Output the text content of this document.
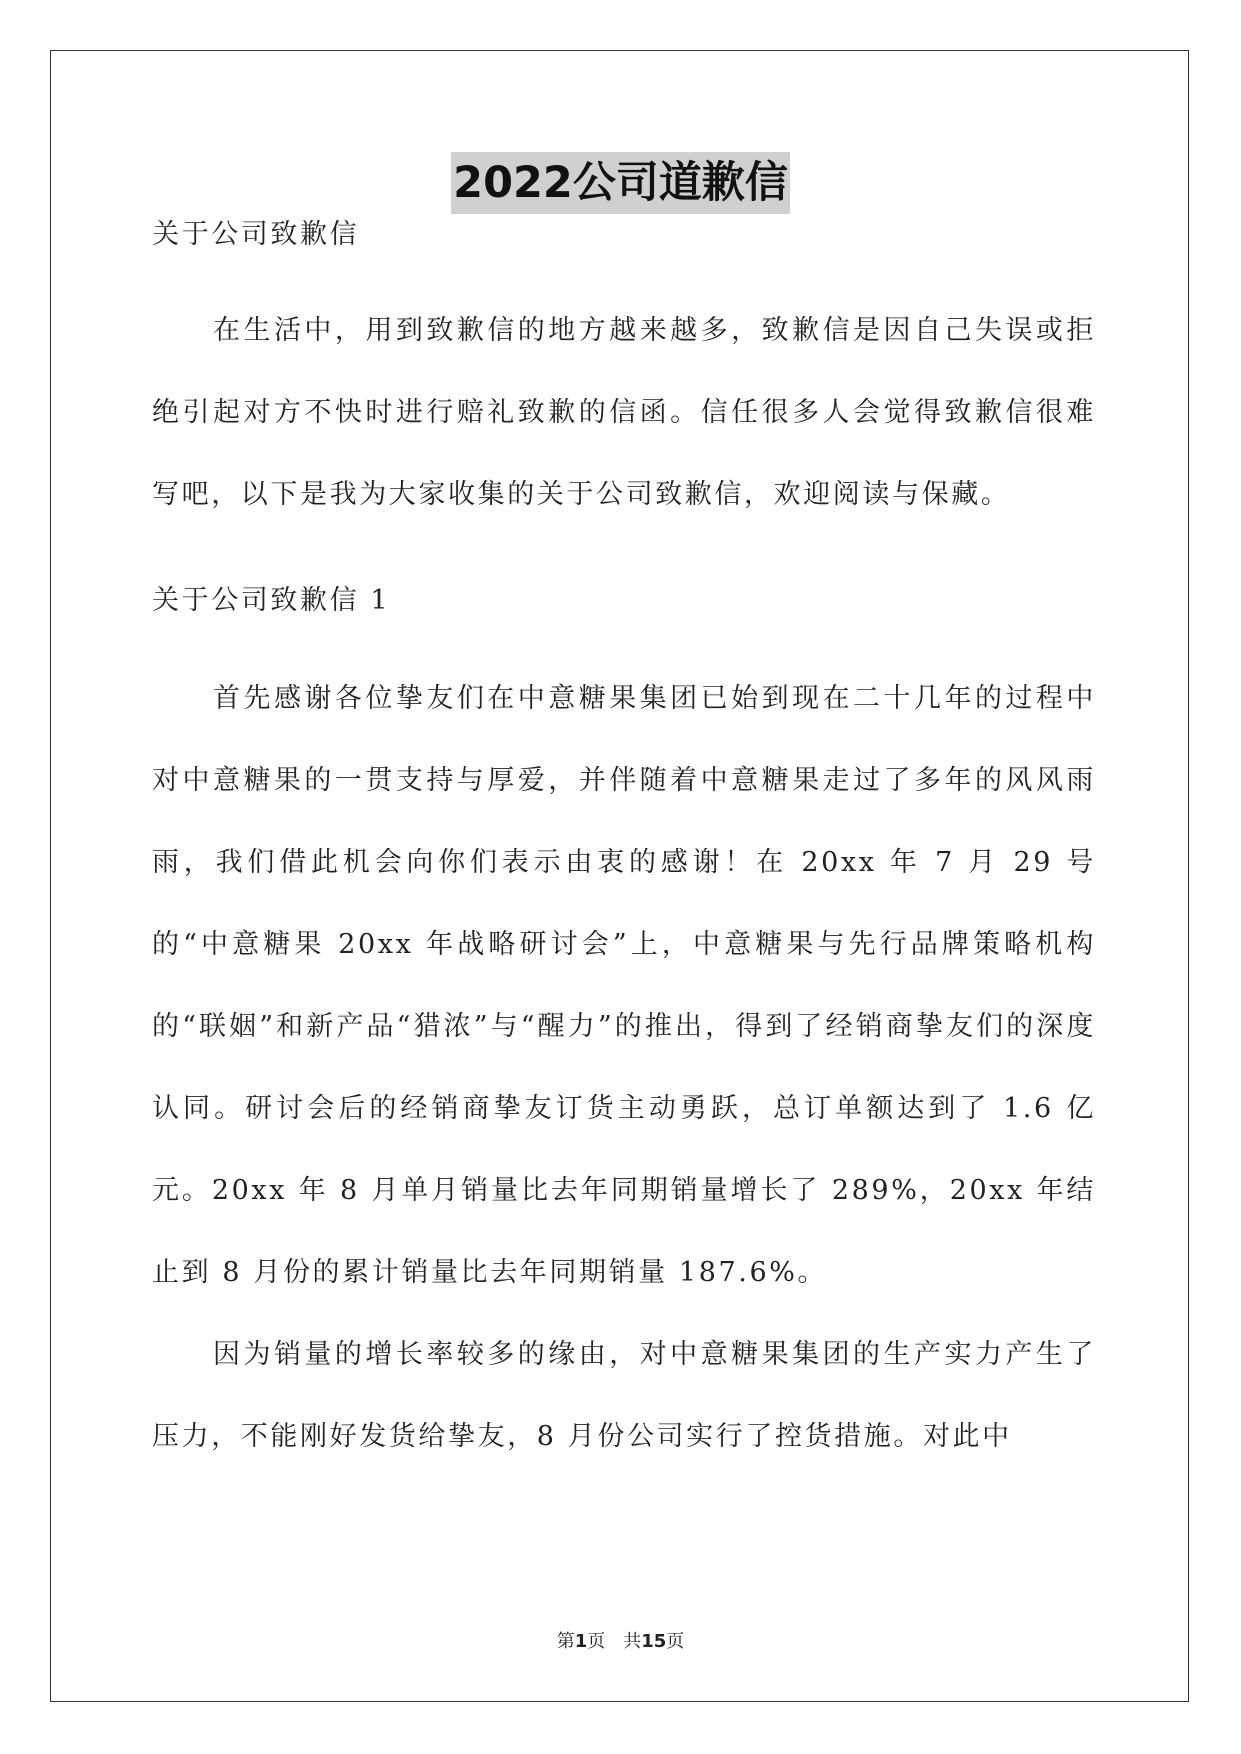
2022公司道歉信
关于公司致歉信

在生活中，用到致歉信的地方越来越多，致歉信是因自己失误或拒绝引起对方不快时进行赔礼致歉的信函。信任很多人会觉得致歉信很难写吧，以下是我为大家收集的关于公司致歉信，欢迎阅读与保藏。

关于公司致歉信 1

首先感谢各位挚友们在中意糖果集团已始到现在二十几年的过程中对中意糖果的一贯支持与厚爱，并伴随着中意糖果走过了多年的风风雨雨，我们借此机会向你们表示由衷的感谢！在 20xx 年 7 月 29 号的“中意糖果 20xx 年战略研讨会”上，中意糖果与先行品牌策略机构的“联姻”和新产品“猎浓”与“醒力”的推出，得到了经销商挚友们的深度认同。研讨会后的经销商挚友订货主动勇跃，总订单额达到了 1.6 亿元。20xx 年 8 月单月销量比去年同期销量增长了 289%，20xx 年结止到 8 月份的累计销量比去年同期销量 187.6%。

因为销量的增长率较多的缘由，对中意糖果集团的生产实力产生了压力，不能刚好发货给挚友，8 月份公司实行了控货措施。对此中

第1页　共15页
